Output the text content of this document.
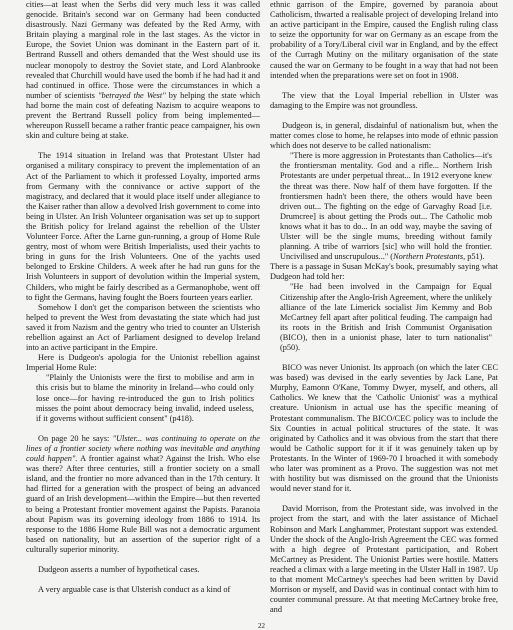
cities—at least when the Serbs did very much less it was called genocide. Britain's second war on Germany had been conducted disastrously. Nazi Germany was defeated by the Red Army, with Britain playing a marginal role in the last stages. As the victor in Europe, the Soviet Union was dominant in the Eastern part of it. Bertrand Russell and others demanded that the West should use its nuclear monopoly to destroy the Soviet state, and Lord Alanbrooke revealed that Churchill would have used the bomb if he had had it and had continued in office. Those were the circumstances in which a number of scientists "betrayed the West" by helping the state which had borne the main cost of defeating Nazism to acquire weapons to prevent the Bertrand Russell policy from being implemented—whereupon Russell became a rather frantic peace campaigner, his own skin and culture being at stake.

The 1914 situation in Ireland was that Protestant Ulster had organised a military conspiracy to prevent the implementation of an Act of the Parliament to which it professed Loyalty, imported arms from Germany with the connivance or active support of the magistracy, and declared that it would place itself under allegiance to the Kaiser rather than allow a devolved Irish government to come into being in Ulster. An Irish Volunteer organisation was set up to support the British policy for Ireland against the rebellion of the Ulster Volunteer Force. After the Larne gun-running, a group of Home Rule gentry, most of whom were British Imperialists, used their yachts to bring in guns for the Irish Volunteers. One of the yachts used belonged to Erskine Childers. A week after he had run guns for the Irish Volunteers in support of devolution within the Imperial system, Childers, who might be fairly described as a Germanophobe, went off to fight the Germans, having fought the Boers fourteen years earlier.

Somehow I don't get the comparison between the scientists who helped to prevent the West from devastating the state which had just saved it from Nazism and the gentry who tried to counter an Ulsterish rebellion against an Act of Parliament designed to develop Ireland into an active participant in the Empire.

Here is Dudgeon's apologia for the Unionist rebellion against Imperial Home Rule:

"Plainly the Unionists were the first to mobilise and arm in this crisis but to blame the minority in Ireland—who could only lose once—for having re-introduced the gun to Irish politics misses the point about democracy being invalid, indeed useless, if it governs without sufficient consent" (p418).

On page 20 he says: "Ulster... was continuing to operate on the lines of a frontier society where nothing was inevitable and anything could happen". A frontier against what? Against the Irish. Who else was there? After three centuries, still a frontier society on a small island, and the frontier no more advanced than in the 17th century. It had flirted for a generation with the prospect of being an advanced guard of an Irish development—within the Empire—but then reverted to being a Protestant frontier movement against the Papists. Paranoia about Papism was its governing ideology from 1886 to 1914. Its response to the 1886 Home Rule Bill was not a democratic argument based on nationality, but an assertion of the superior right of a culturally superior minority.

Dudgeon asserts a number of hypothetical cases.

A very arguable case is that Ulsterish conduct as a kind of

ethnic garrison of the Empire, governed by paranoia about Catholicism, thwarted a realisable project of developing Ireland into an active participant in the Empire, caused the English ruling class to seize the opportunity for war on Germany as an escape from the probability of a Tory/Liberal civil war in England, and by the effect of the Curragh Mutiny on the military organisation of the state caused the war on Germany to be fought in a way that had not been intended when the preparations were set on foot in 1908.

The view that the Loyal Imperial rebellion in Ulster was damaging to the Empire was not groundless.

Dudgeon is, in general, disdainful of nationalism but, when the matter comes close to home, he relapses into mode of ethnic passion which does not deserve to be called nationalism:

"There is more aggression in Protestants than Catholics—it's the frontiersman mentality. God and a rifle... Northern Irish Protestants are under perpetual threat... In 1912 everyone knew the threat was there. Now half of them have forgotten. If the frontiersmen hadn't been there, the others would have been driven out... The fighting on the edge of Garvaghy Road [i.e. Drumcree] is about getting the Prods out... The Catholic mob knows what it has to do... In an odd way, maybe the saving of Ulster will be the single mums, breeding without family planning. A tribe of warriors [sic] who will hold the frontier. Uncivilised and unscrupulous..." (Northern Protestants, p51).

There is a passage in Susan McKay's book, presumably saying what Dudgeon had told her:

"He had been involved in the Campaign for Equal Citizenship after the Anglo-Irish Agreement, where the unlikely alliance of the late Limerick socialist Jim Kemmy and Bob McCartney fell apart after political feuding. The campaign had its roots in the British and Irish Communist Organisation (BICO), then in a unionist phase, later to turn nationalist" (p50).

BICO was never Unionist. Its approach (on which the later CEC was based) was devised in the early seventies by Jack Lane, Pat Murphy, Eamonn O'Kane, Tommy Dwyer, myself, and others, all Catholics. We knew that the 'Catholic Unionist' was a mythical creature. Unionism in actual use has the specific meaning of Protestant communalism. The BICO/CEC policy was to include the Six Counties in actual political structures of the state. It was originated by Catholics and it was obvious from the start that there would be Catholic support for it if it was genuinely taken up by Protestants. In the Winter of 1969-70 I broached it with somebody who later was prominent as a Provo. The suggestion was not met with hostility but was dismissed on the ground that the Unionists would never stand for it.

David Morrison, from the Protestant side, was involved in the project from the start, and with the later assistance of Michael Robinson and Mark Langhammer, Protestant support was extended. Under the shock of the Anglo-Irish Agreement the CEC was formed with a high degree of Protestant participation, and Robert McCartney as President. The Unionist Parties were hostile. Matters reached a climax with a large meeting in the Ulster Hall in 1987. Up to that moment McCartney's speeches had been written by David Morrison or myself, and David was in continual contact with him to counter communal pressure. At that meeting McCartney broke free, and

22
